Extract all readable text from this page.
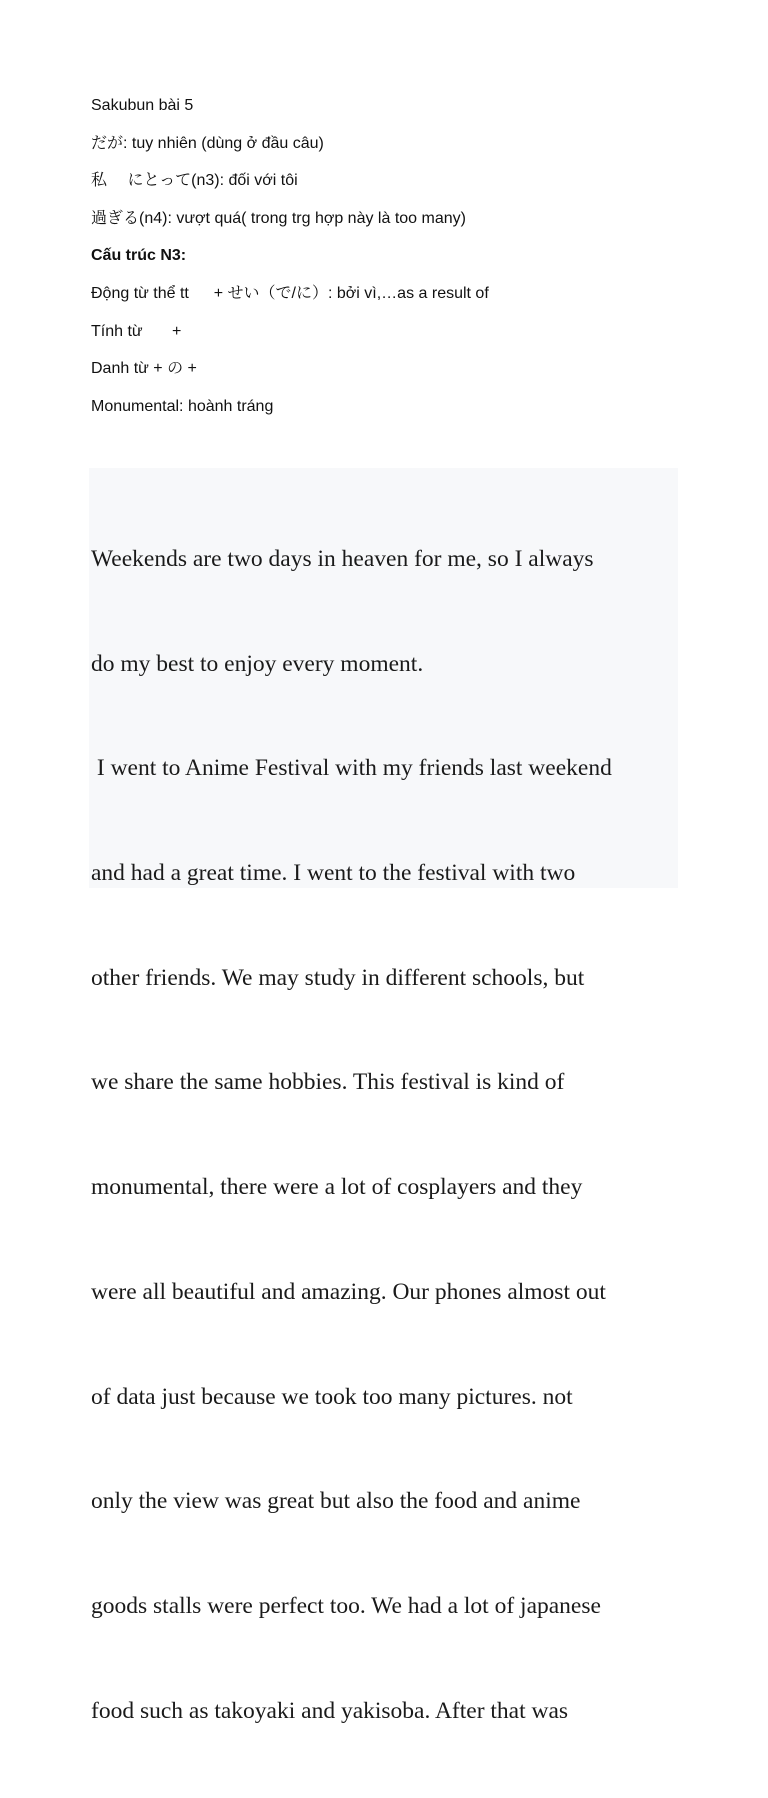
Sakubun bài 5
だが: tuy nhiên (dùng ở đầu câu)
私　 にとって(n3): đối với tôi
過ぎる(n4): vượt quá( trong trg hợp này là too many)
Cấu trúc N3:
Động từ thể tt  　+ せい（で/に）: bởi vì,…as a result of
Tính từ  　 +
Danh từ + の +
Monumental: hoành tráng

Weekends are two days in heaven for me, so I always

do my best to enjoy every moment.

I went to Anime Festival with my friends last weekend

and had a great time. I went to the festival with two

other friends. We may study in different schools, but

we share the same hobbies. This festival is kind of

monumental, there were a lot of cosplayers and they

were all beautiful and amazing. Our phones almost out

of data just because we took too many pictures. not

only the view was great but also the food and anime

goods stalls were perfect too. We had a lot of japanese

food such as takoyaki and yakisoba. After that was
